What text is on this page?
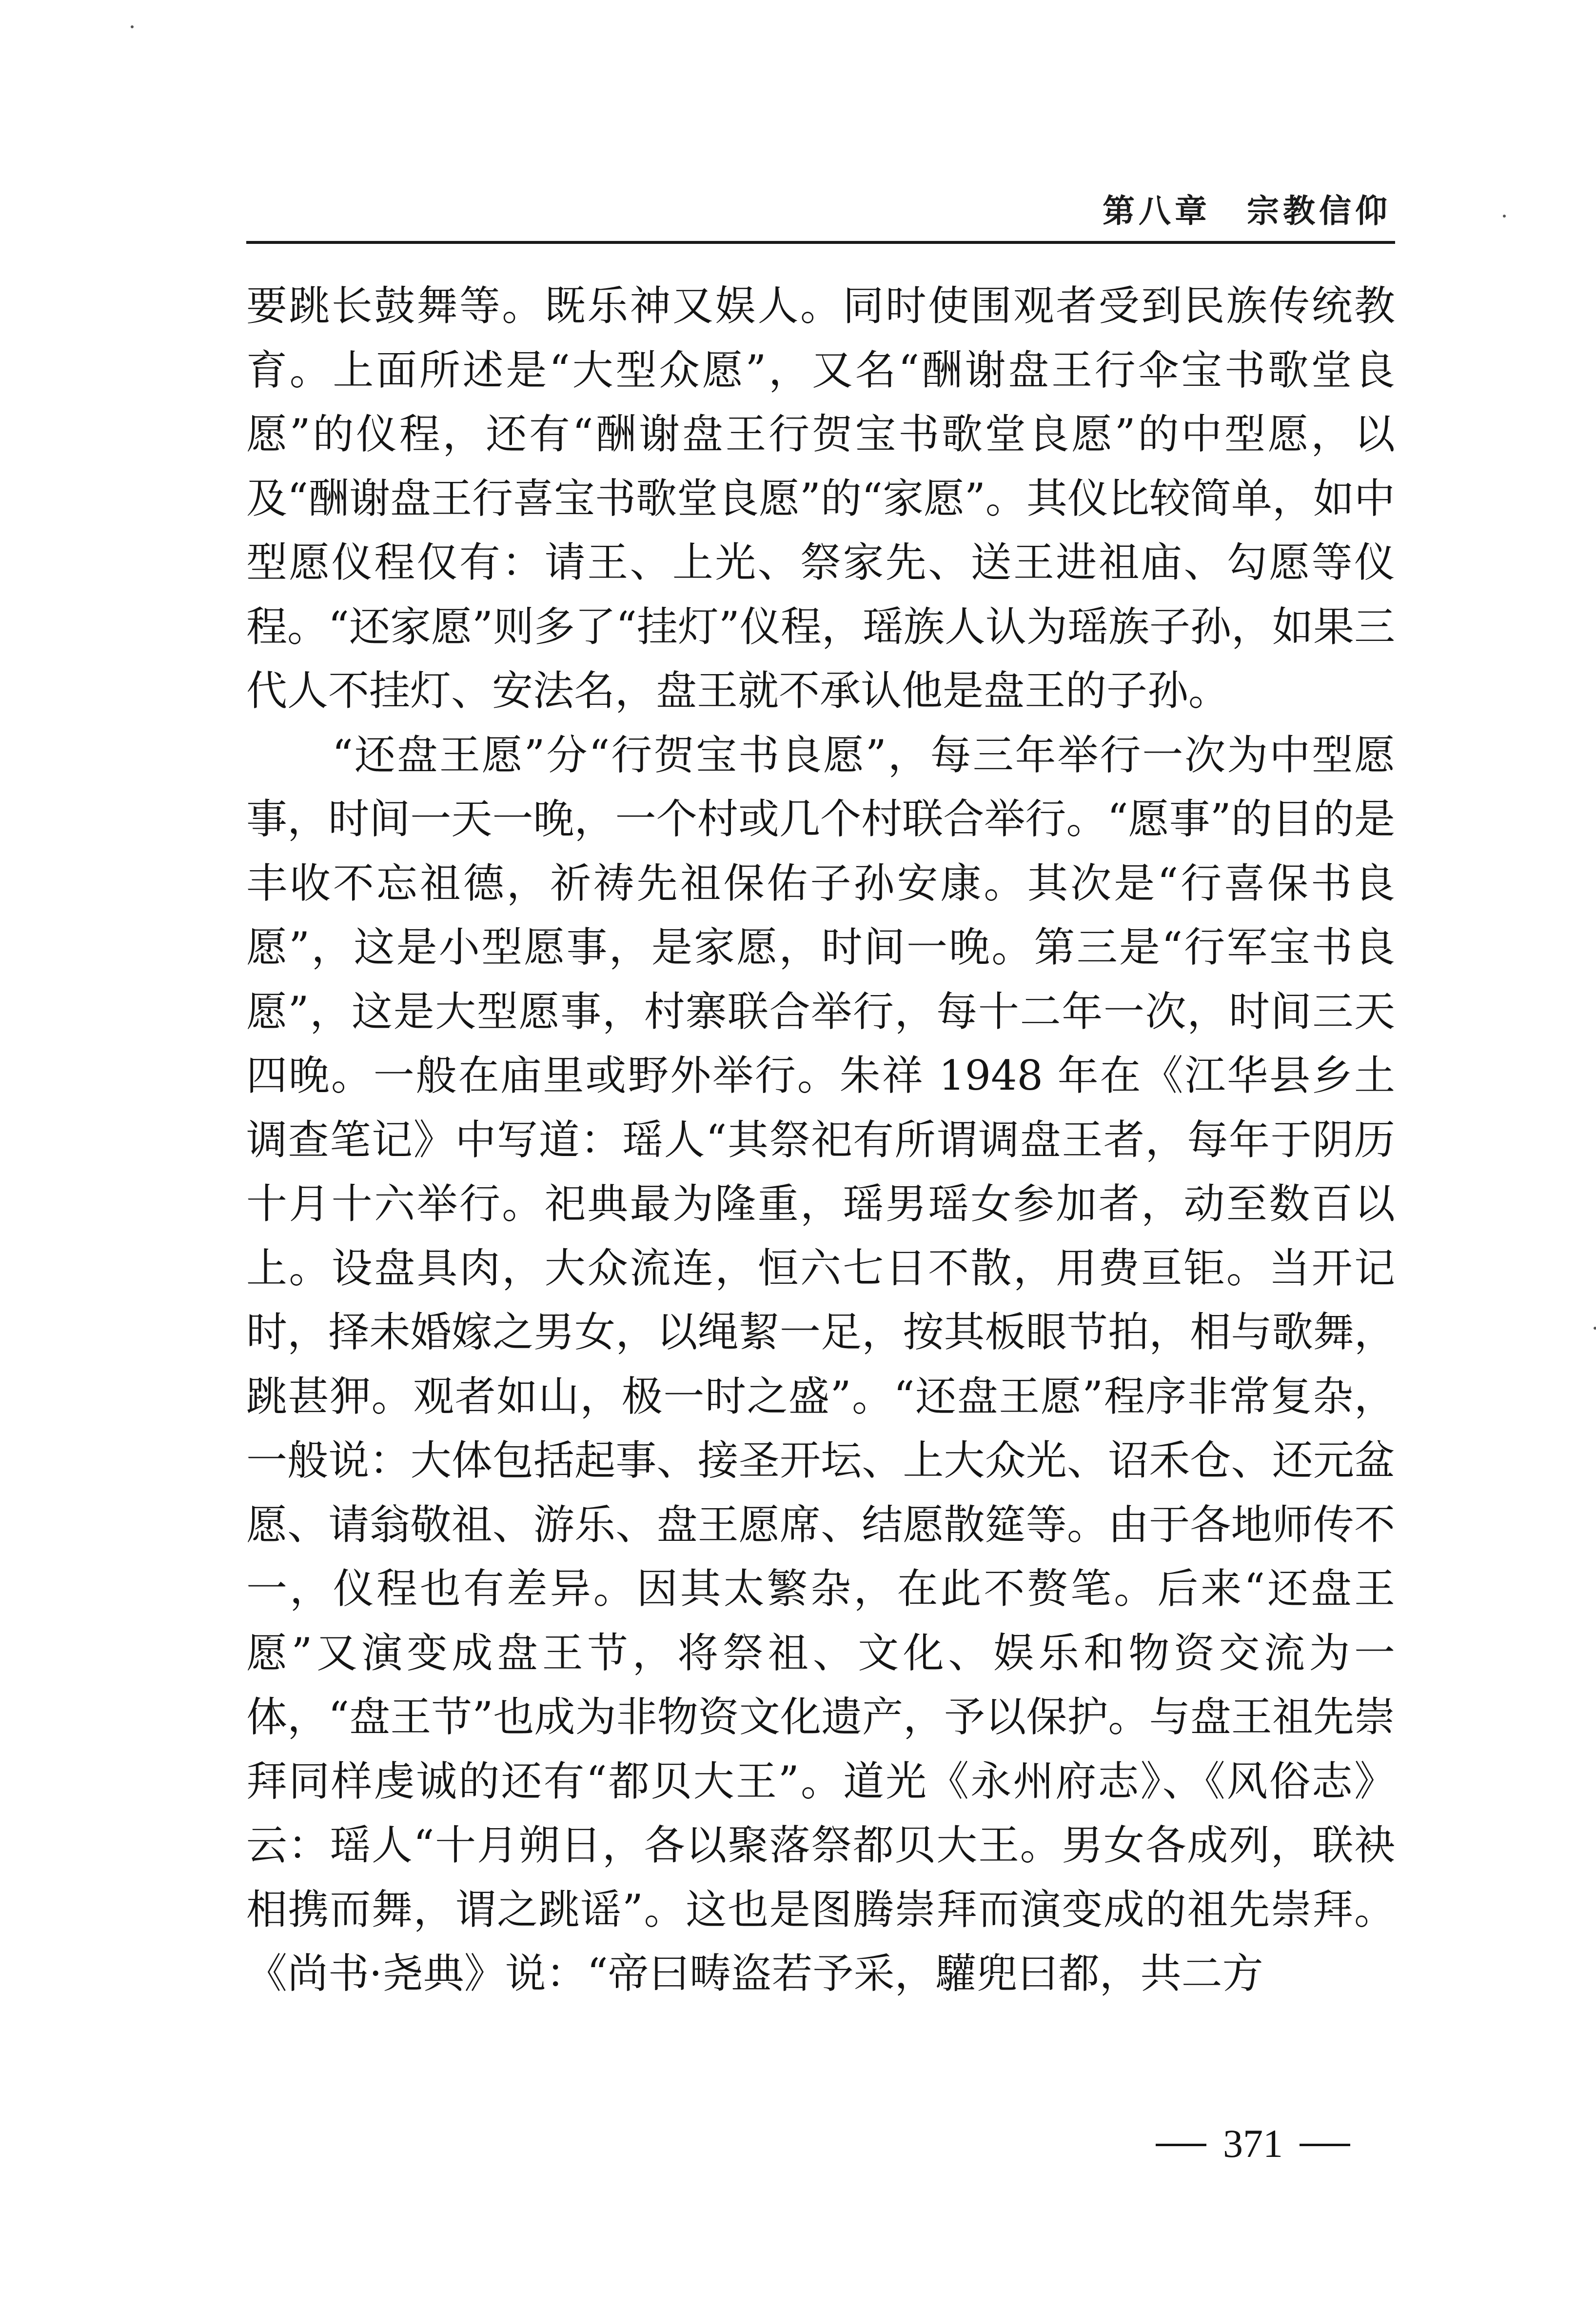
第八章　宗教信仰

要跳长鼓舞等。既乐神又娱人。同时使围观者受到民族传统教育。上面所述是“大型众愿”，又名“酬谢盘王行伞宝书歌堂良愿”的仪程，还有“酬谢盘王行贺宝书歌堂良愿”的中型愿，以及“酬谢盘王行喜宝书歌堂良愿”的“家愿”。其仪比较简单，如中型愿仪程仅有：请王、上光、祭家先、送王进祖庙、勾愿等仪程。“还家愿”则多了“挂灯”仪程，瑶族人认为瑶族子孙，如果三代人不挂灯、安法名，盘王就不承认他是盘王的子孙。

“还盘王愿”分“行贺宝书良愿”，每三年举行一次为中型愿事，时间一天一晚，一个村或几个村联合举行。“愿事”的目的是丰收不忘祖德，祈祷先祖保佑子孙安康。其次是“行喜保书良愿”，这是小型愿事，是家愿，时间一晚。第三是“行军宝书良愿”，这是大型愿事，村寨联合举行，每十二年一次，时间三天四晚。一般在庙里或野外举行。朱祥 1948 年在《江华县乡土调查笔记》中写道：瑶人“其祭祀有所谓调盘王者，每年于阴历十月十六举行。祀典最为隆重，瑶男瑶女参加者，动至数百以上。设盘具肉，大众流连，恒六七日不散，用费亘钜。当开记时，择未婚嫁之男女，以绳絜一足，按其板眼节拍，相与歌舞，跳甚狎。观者如山，极一时之盛”。“还盘王愿”程序非常复杂，一般说：大体包括起事、接圣开坛、上大众光、诏禾仓、还元盆愿、请翁敬祖、游乐、盘王愿席、结愿散筵等。由于各地师传不一，仪程也有差异。因其太繁杂，在此不赘笔。后来“还盘王愿”又演变成盘王节，将祭祖、文化、娱乐和物资交流为一体，“盘王节”也成为非物资文化遗产，予以保护。与盘王祖先崇拜同样虔诚的还有“都贝大王”。道光《永州府志》、《风俗志》云：瑶人“十月朔日，各以聚落祭都贝大王。男女各成列，联袂相携而舞，谓之跳谣”。这也是图腾崇拜而演变成的祖先崇拜。《尚书·尧典》说：“帝曰畴盗若予采，驩兜曰都，共二方

371
